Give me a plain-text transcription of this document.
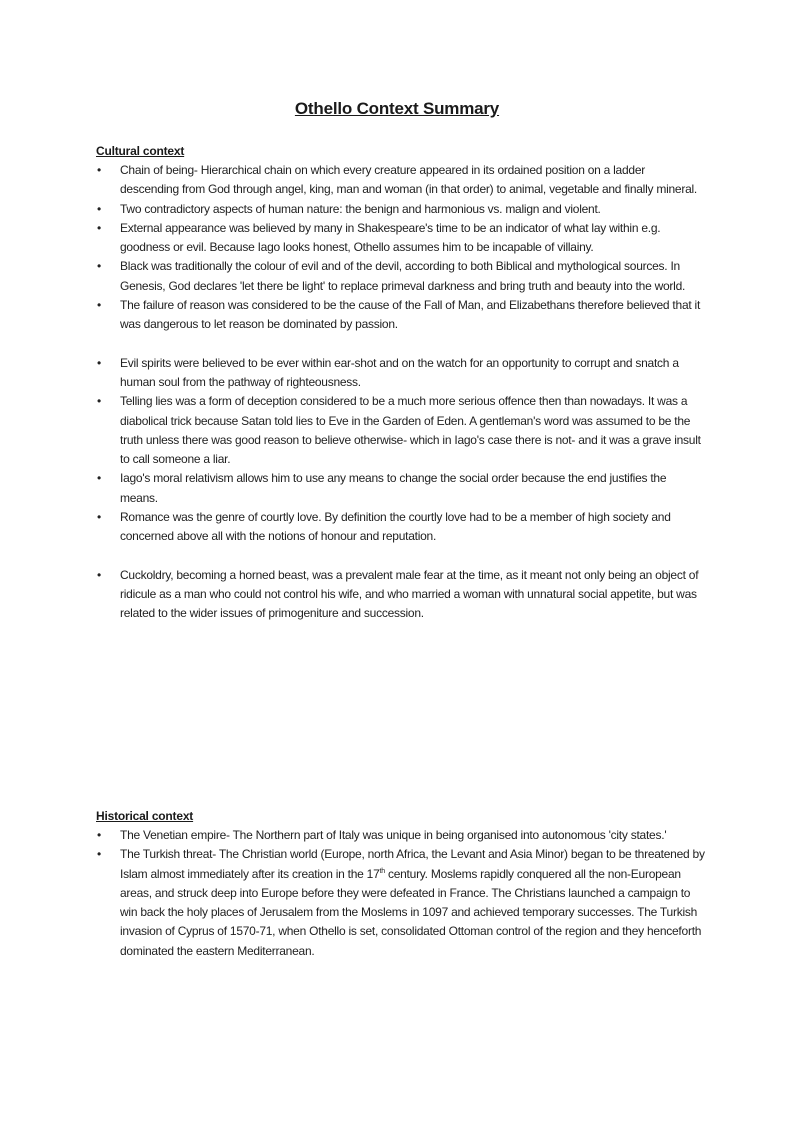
Othello Context Summary
Cultural context
• Chain of being- Hierarchical chain on which every creature appeared in its ordained position on a ladder descending from God through angel, king, man and woman (in that order) to animal, vegetable and finally mineral.
• Two contradictory aspects of human nature: the benign and harmonious vs. malign and violent.
• External appearance was believed by many in Shakespeare's time to be an indicator of what lay within e.g. goodness or evil. Because Iago looks honest, Othello assumes him to be incapable of villainy.
• Black was traditionally the colour of evil and of the devil, according to both Biblical and mythological sources. In Genesis, God declares 'let there be light' to replace primeval darkness and bring truth and beauty into the world.
• The failure of reason was considered to be the cause of the Fall of Man, and Elizabethans therefore believed that it was dangerous to let reason be dominated by passion.
• Evil spirits were believed to be ever within ear-shot and on the watch for an opportunity to corrupt and snatch a human soul from the pathway of righteousness.
• Telling lies was a form of deception considered to be a much more serious offence then than nowadays. It was a diabolical trick because Satan told lies to Eve in the Garden of Eden. A gentleman's word was assumed to be the truth unless there was good reason to believe otherwise- which in Iago's case there is not- and it was a grave insult to call someone a liar.
• Iago's moral relativism allows him to use any means to change the social order because the end justifies the means.
• Romance was the genre of courtly love. By definition the courtly love had to be a member of high society and concerned above all with the notions of honour and reputation.
• Cuckoldry, becoming a horned beast, was a prevalent male fear at the time, as it meant not only being an object of ridicule as a man who could not control his wife, and who married a woman with unnatural social appetite, but was related to the wider issues of primogeniture and succession.
Historical context
• The Venetian empire- The Northern part of Italy was unique in being organised into autonomous 'city states.'
• The Turkish threat- The Christian world (Europe, north Africa, the Levant and Asia Minor) began to be threatened by Islam almost immediately after its creation in the 17th century. Moslems rapidly conquered all the non-European areas, and struck deep into Europe before they were defeated in France. The Christians launched a campaign to win back the holy places of Jerusalem from the Moslems in 1097 and achieved temporary successes. The Turkish invasion of Cyprus of 1570-71, when Othello is set, consolidated Ottoman control of the region and they henceforth dominated the eastern Mediterranean.
